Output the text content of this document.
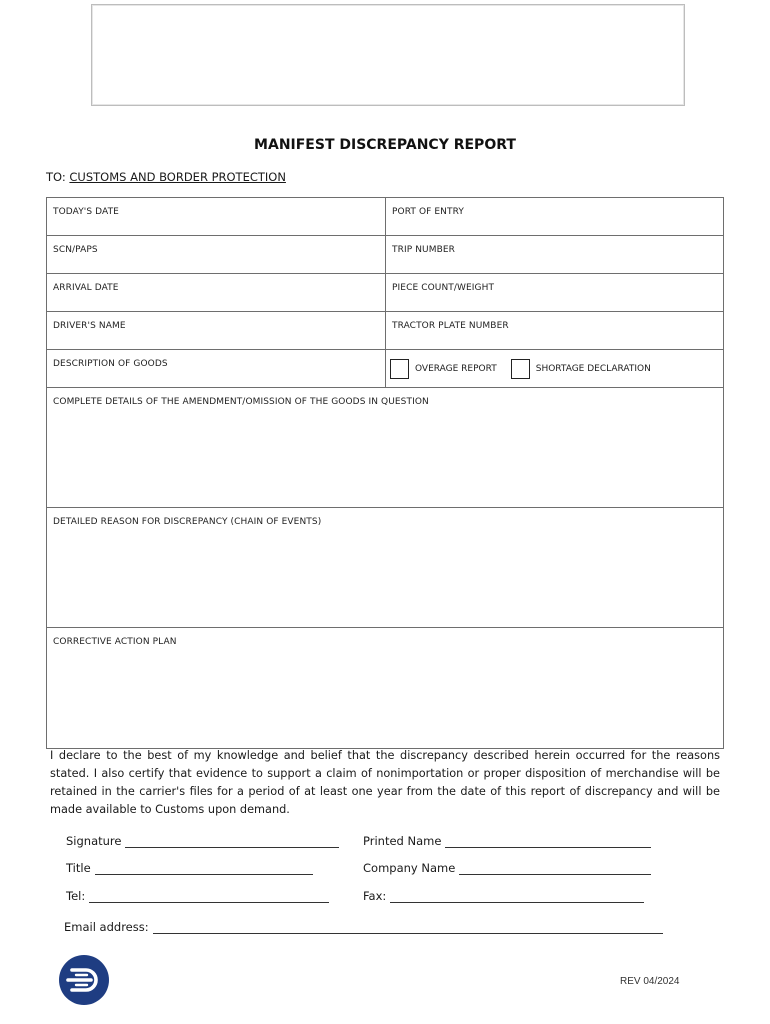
MANIFEST DISCREPANCY REPORT
TO: CUSTOMS AND BORDER PROTECTION
TODAY'S DATE	PORT OF ENTRY
SCN/PAPS	TRIP NUMBER
ARRIVAL DATE	PIECE COUNT/WEIGHT
DRIVER'S NAME	TRACTOR PLATE NUMBER
DESCRIPTION OF GOODS	OVERAGE REPORT	SHORTAGE DECLARATION
COMPLETE DETAILS OF THE AMENDMENT/OMISSION OF THE GOODS IN QUESTION
DETAILED REASON FOR DISCREPANCY (CHAIN OF EVENTS)
CORRECTIVE ACTION PLAN
I declare to the best of my knowledge and belief that the discrepancy described herein occurred for the reasons stated. I also certify that evidence to support a claim of nonimportation or proper disposition of merchandise will be retained in the carrier's files for a period of at least one year from the date of this report of discrepancy and will be made available to Customs upon demand.
Signature	Printed Name
Title	Company Name
Tel:	Fax:
Email address:
REV 04/2024
